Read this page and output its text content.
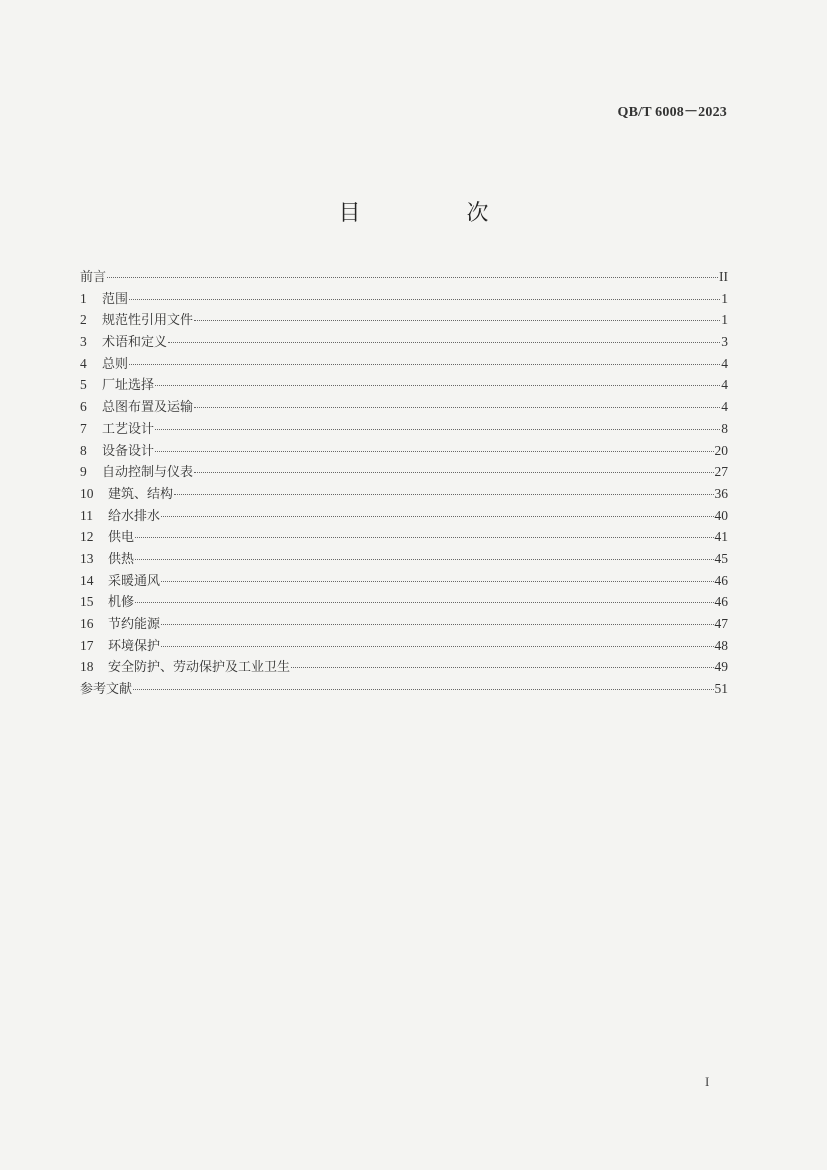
QB/T 6008－2023
目　次
前言	II
1	范围	1
2	规范性引用文件	1
3	术语和定义	3
4	总则	4
5	厂址选择	4
6	总图布置及运输	4
7	工艺设计	8
8	设备设计	20
9	自动控制与仪表	27
10	建筑、结构	36
11	给水排水	40
12	供电	41
13	供热	45
14	采暖通风	46
15	机修	46
16	节约能源	47
17	环境保护	48
18	安全防护、劳动保护及工业卫生	49
参考文献	51
I
